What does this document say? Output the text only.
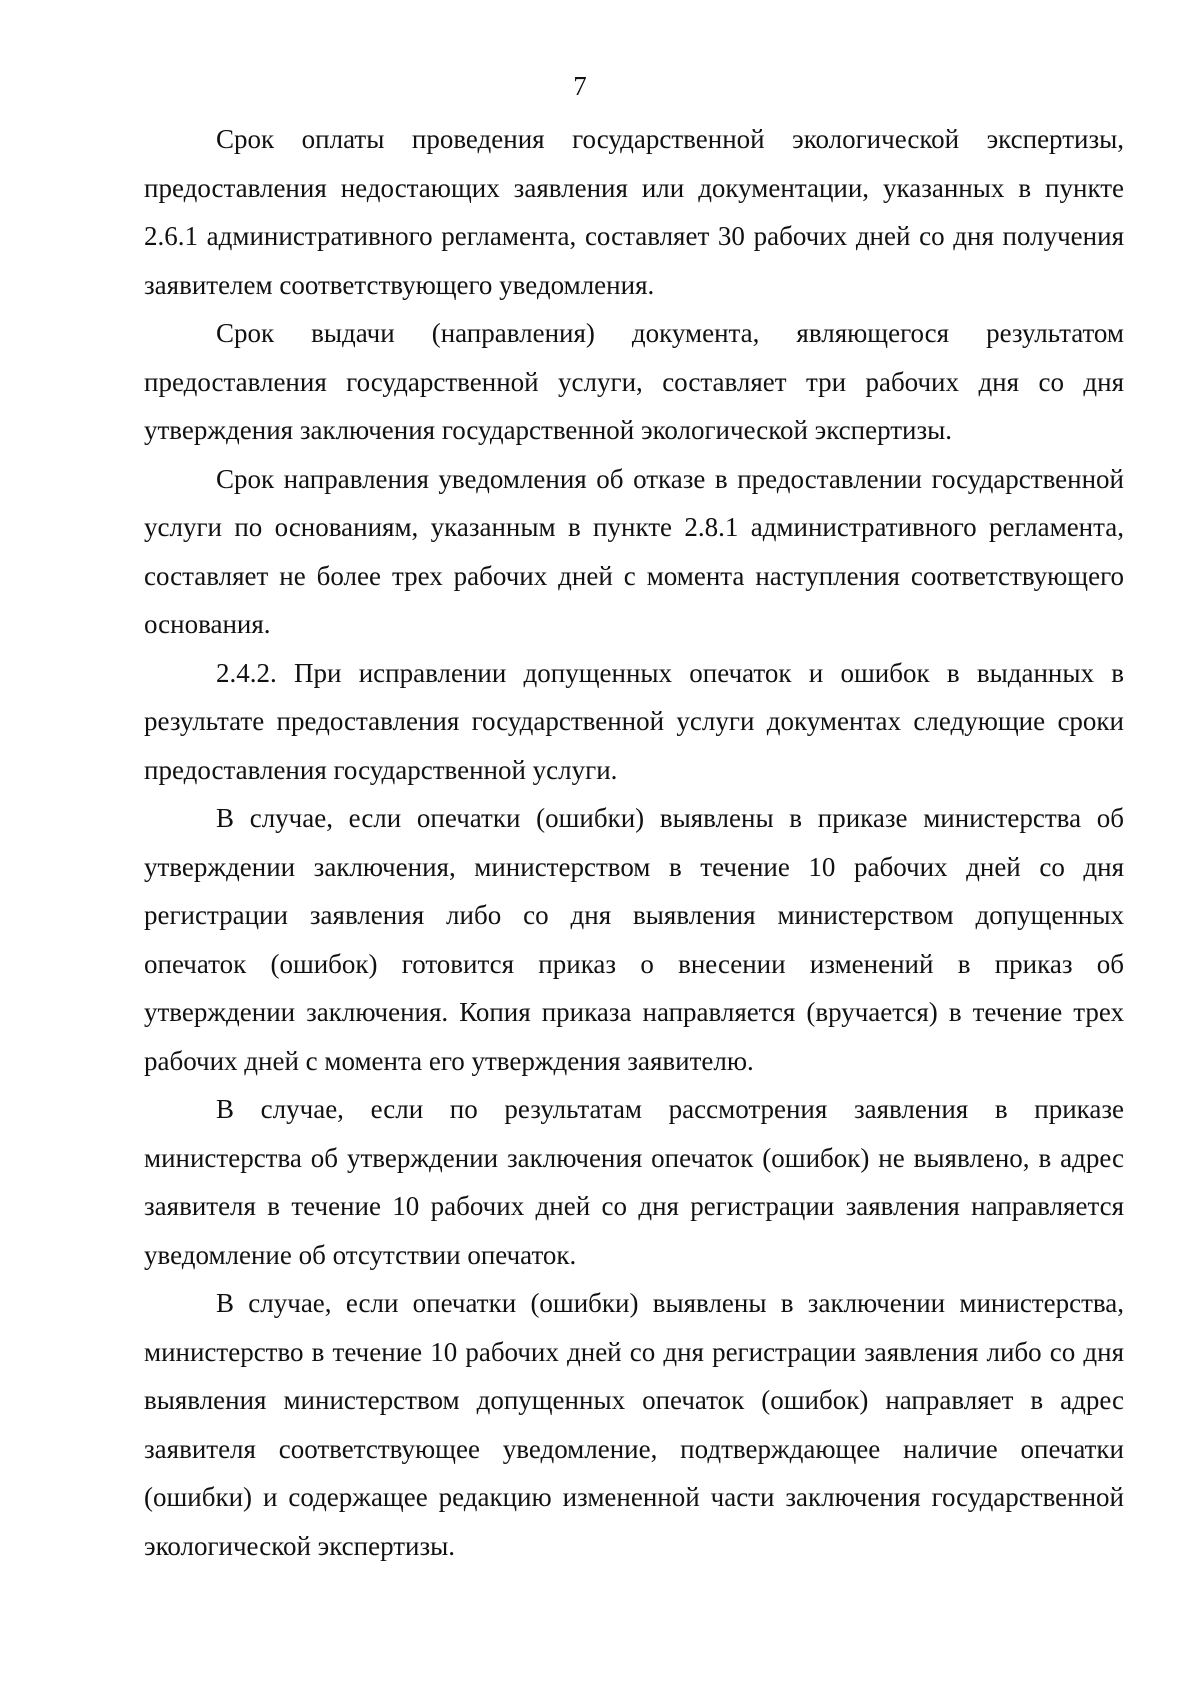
7

Срок оплаты проведения государственной экологической экспертизы, предоставления недостающих заявления или документации, указанных в пункте 2.6.1 административного регламента, составляет 30 рабочих дней со дня получения заявителем соответствующего уведомления.

Срок выдачи (направления) документа, являющегося результатом предоставления государственной услуги, составляет три рабочих дня со дня утверждения заключения государственной экологической экспертизы.

Срок направления уведомления об отказе в предоставлении государственной услуги по основаниям, указанным в пункте 2.8.1 административного регламента, составляет не более трех рабочих дней с момента наступления соответствующего основания.

2.4.2. При исправлении допущенных опечаток и ошибок в выданных в результате предоставления государственной услуги документах следующие сроки предоставления государственной услуги.

В случае, если опечатки (ошибки) выявлены в приказе министерства об утверждении заключения, министерством в течение 10 рабочих дней со дня регистрации заявления либо со дня выявления министерством допущенных опечаток (ошибок) готовится приказ о внесении изменений в приказ об утверждении заключения. Копия приказа направляется (вручается) в течение трех рабочих дней с момента его утверждения заявителю.

В случае, если по результатам рассмотрения заявления в приказе министерства об утверждении заключения опечаток (ошибок) не выявлено, в адрес заявителя в течение 10 рабочих дней со дня регистрации заявления направляется уведомление об отсутствии опечаток.

В случае, если опечатки (ошибки) выявлены в заключении министерства, министерство в течение 10 рабочих дней со дня регистрации заявления либо со дня выявления министерством допущенных опечаток (ошибок) направляет в адрес заявителя соответствующее уведомление, подтверждающее наличие опечатки (ошибки) и содержащее редакцию измененной части заключения государственной экологической экспертизы.
